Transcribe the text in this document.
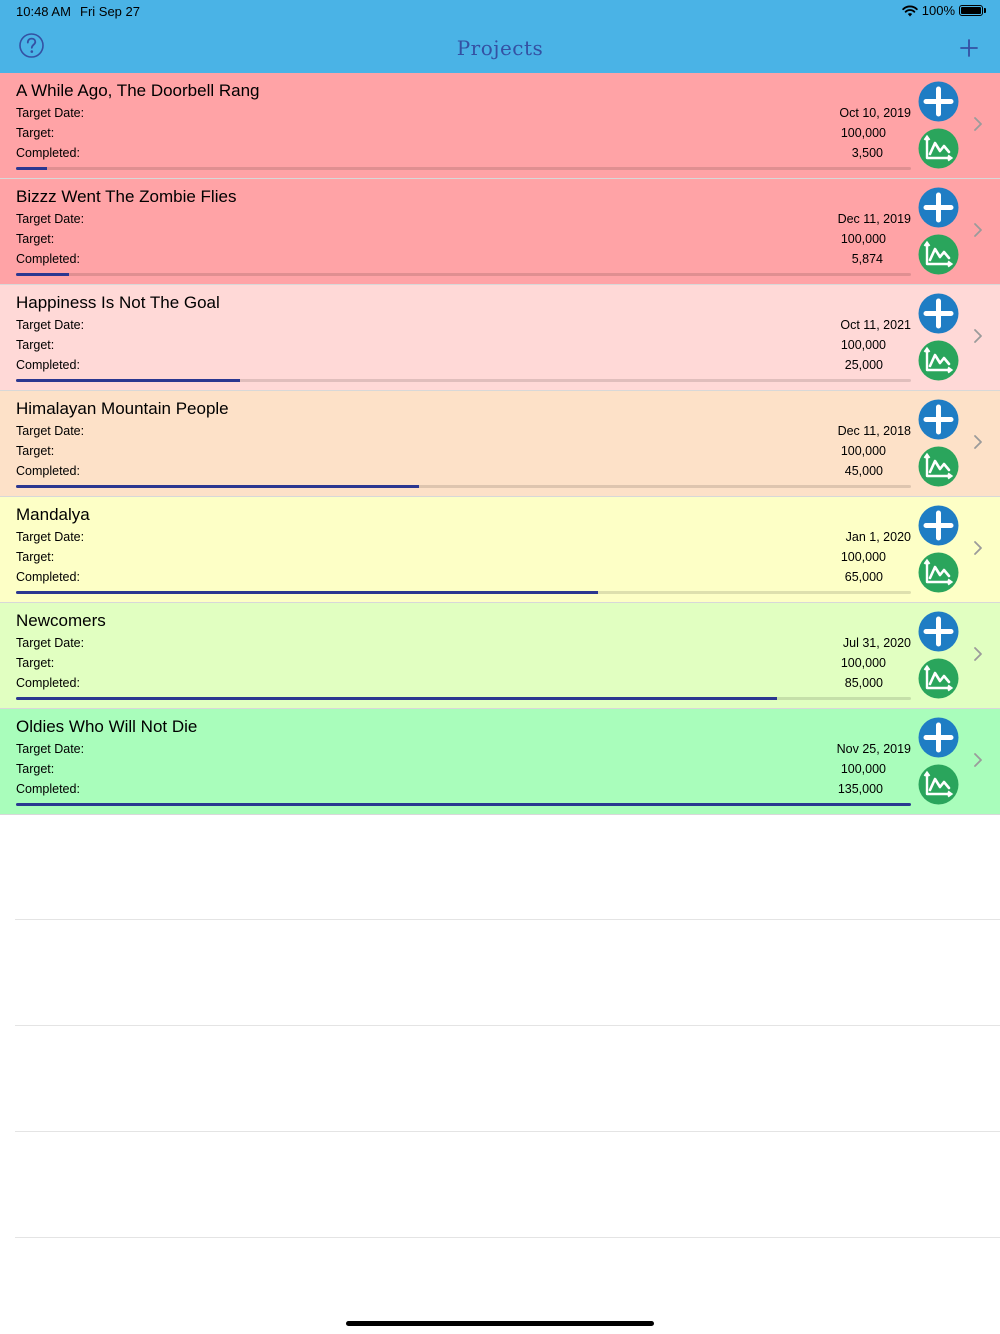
10:48 AM Fri Sep 27	100%
Projects
A While Ago, The Doorbell Rang
Target Date:
Target:
Completed:
Oct 10, 2019
100,000
3,500
Bizzz Went The Zombie Flies
Target Date:
Target:
Completed:
Dec 11, 2019
100,000
5,874
Happiness Is Not The Goal
Target Date:
Target:
Completed:
Oct 11, 2021
100,000
25,000
Himalayan Mountain People
Target Date:
Target:
Completed:
Dec 11, 2018
100,000
45,000
Mandalya
Target Date:
Target:
Completed:
Jan 1, 2020
100,000
65,000
Newcomers
Target Date:
Target:
Completed:
Jul 31, 2020
100,000
85,000
Oldies Who Will Not Die
Target Date:
Target:
Completed:
Nov 25, 2019
100,000
135,000
